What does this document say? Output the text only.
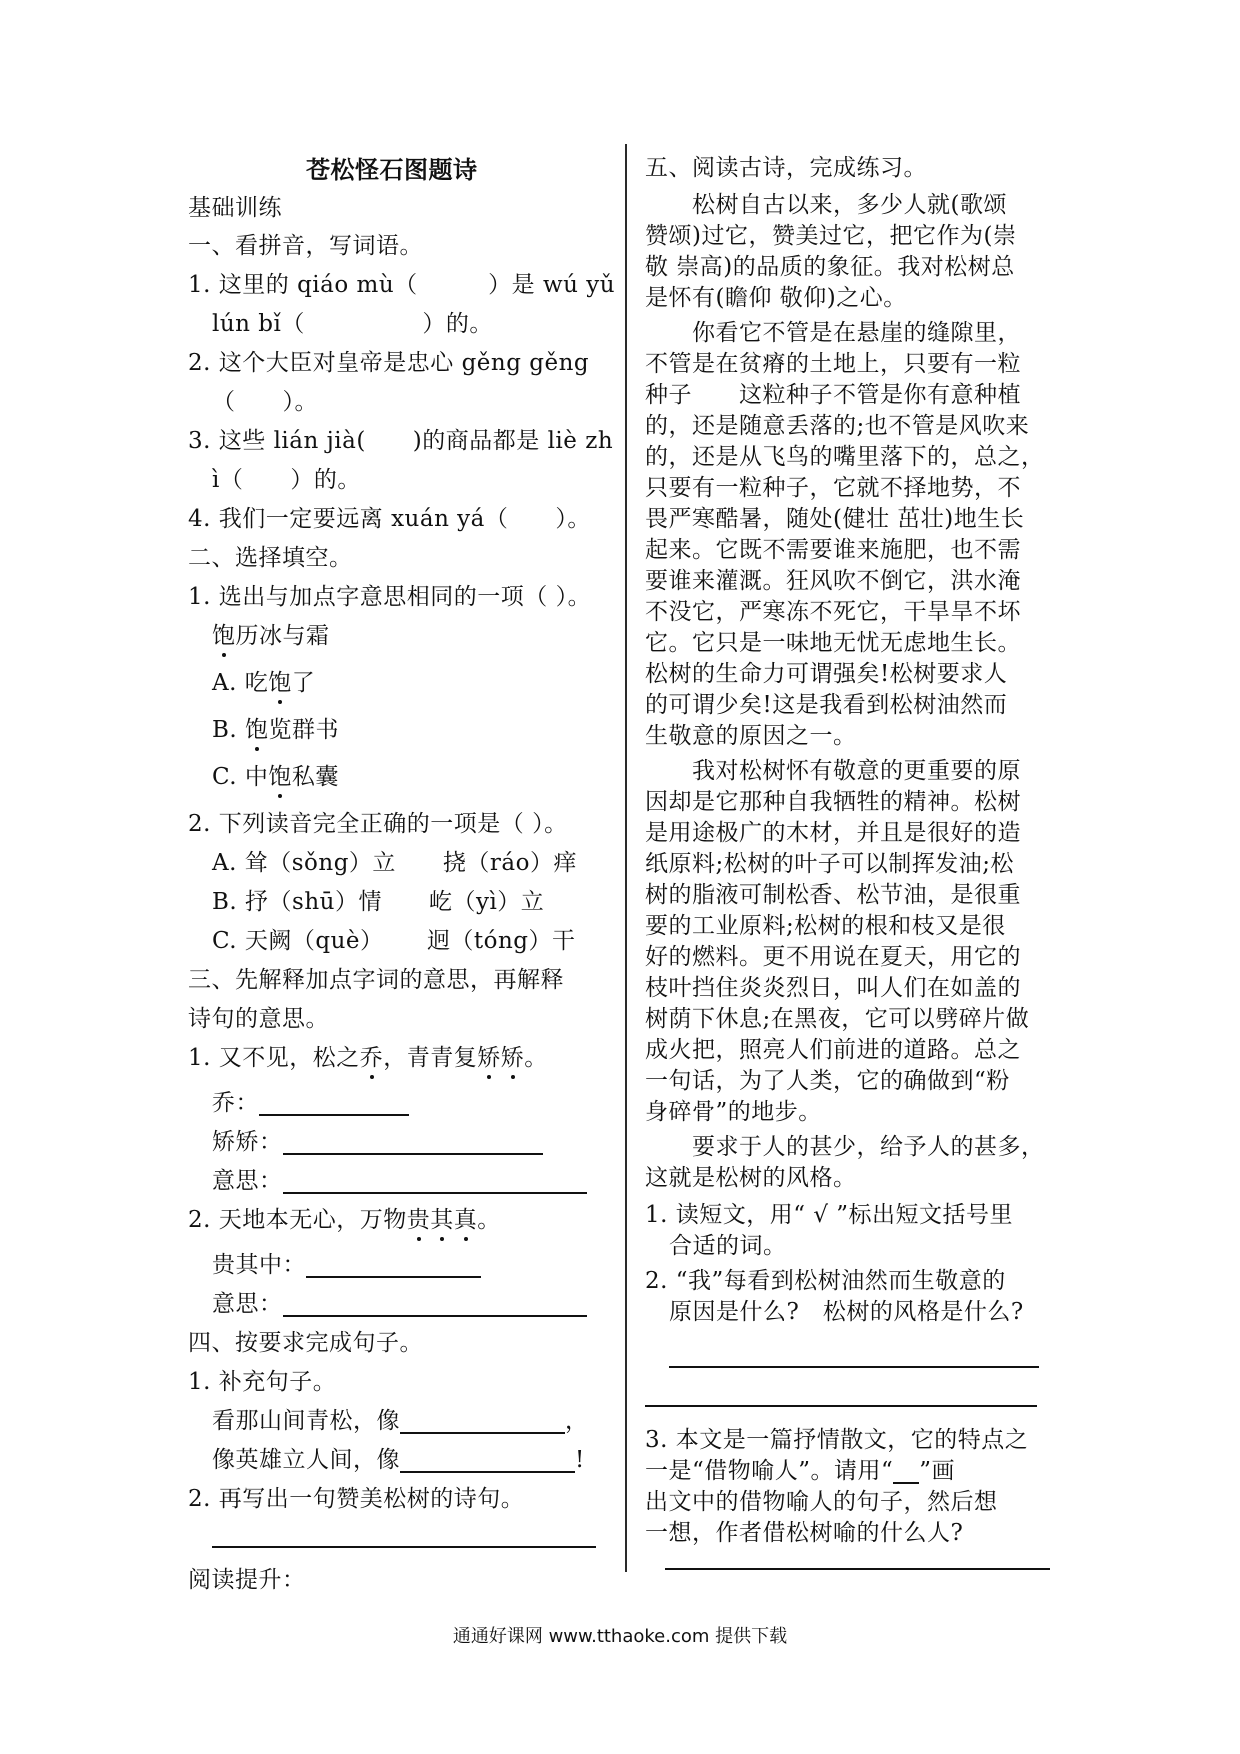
苍松怪石图题诗
基础训练
一、看拼音，写词语。
1. 这里的 qiáo mù（　　　）是 wú yǔ
lún bǐ（　　　　　）的。
2. 这个大臣对皇帝是忠心 gěng gěng
（　　）。
3. 这些 lián jià(　　)的商品都是 liè zh
ì（　　）的。
4. 我们一定要远离 xuán yá（　　）。
二、选择填空。
1. 选出与加点字意思相同的一项（ ）。
饱历冰与霜
A. 吃饱了
B. 饱览群书
C. 中饱私囊
2. 下列读音完全正确的一项是（ ）。
A. 耸（sǒng）立　　挠（ráo）痒
B. 抒（shū）情　　屹（yì）立
C. 天阙（què）　　 迥（tóng）干
三、先解释加点字词的意思，再解释
诗句的意思。
1. 又不见，松之乔，青青复矫矫。
乔：
矫矫：
意思：
2. 天地本无心，万物贵其真。
贵其中：
意思：
四、按要求完成句子。
1. 补充句子。
看那山间青松，像	，
像英雄立人间，像	!
2. 再写出一句赞美松树的诗句。
阅读提升：
五、阅读古诗，完成练习。
　　松树自古以来，多少人就(歌颂
赞颂)过它，赞美过它，把它作为(崇
敬 崇高)的品质的象征。我对松树总
是怀有(瞻仰 敬仰)之心。
　　你看它不管是在悬崖的缝隙里，
不管是在贫瘠的土地上，只要有一粒
种子　　这粒种子不管是你有意种植
的，还是随意丢落的;也不管是风吹来
的，还是从飞鸟的嘴里落下的，总之，
只要有一粒种子，它就不择地势，不
畏严寒酷暑，随处(健壮 茁壮)地生长
起来。它既不需要谁来施肥，也不需
要谁来灌溉。狂风吹不倒它，洪水淹
不没它，严寒冻不死它，干旱旱不坏
它。它只是一味地无忧无虑地生长。
松树的生命力可谓强矣!松树要求人
的可谓少矣!这是我看到松树油然而
生敬意的原因之一。
　　我对松树怀有敬意的更重要的原
因却是它那种自我牺牲的精神。松树
是用途极广的木材，并且是很好的造
纸原料;松树的叶子可以制挥发油;松
树的脂液可制松香、松节油，是很重
要的工业原料;松树的根和枝又是很
好的燃料。更不用说在夏天，用它的
枝叶挡住炎炎烈日，叫人们在如盖的
树荫下休息;在黑夜，它可以劈碎片做
成火把，照亮人们前进的道路。总之
一句话，为了人类，它的确做到“粉
身碎骨”的地步。
　　要求于人的甚少，给予人的甚多，
这就是松树的风格。
1. 读短文，用“ √ ”标出短文括号里
合适的词。
2. “我”每看到松树油然而生敬意的
原因是什么?　松树的风格是什么?
3. 本文是一篇抒情散文，它的特点之
一是“借物喻人”。请用“ ”画
出文中的借物喻人的句子，然后想
一想，作者借松树喻的什么人?
通通好课网 www.tthaoke.com 提供下载
